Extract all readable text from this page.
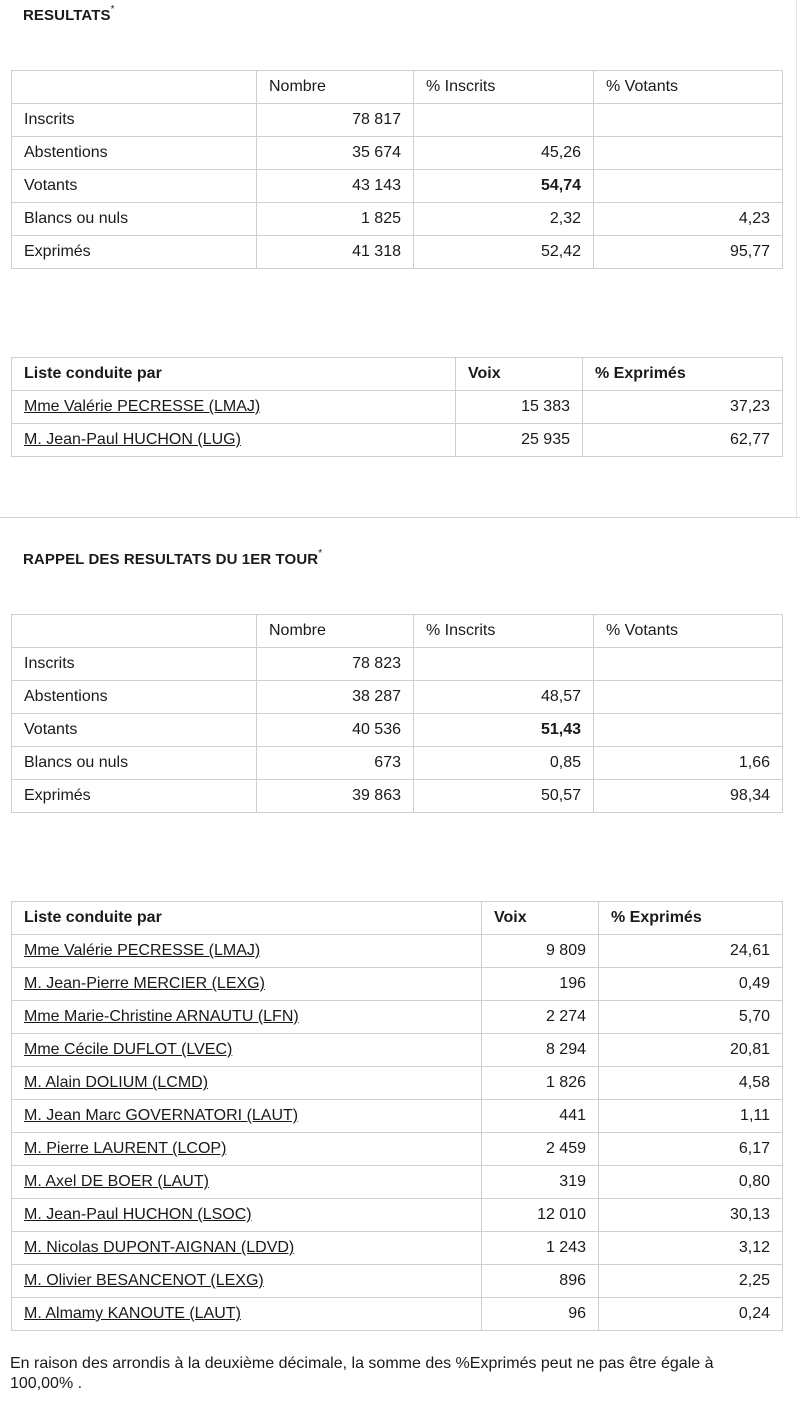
RESULTATS*
	Nombre	% Inscrits	% Votants
Inscrits	78 817		
Abstentions	35 674	45,26	
Votants	43 143	54,74	
Blancs ou nuls	1 825	2,32	4,23
Exprimés	41 318	52,42	95,77
Liste conduite par	Voix	% Exprimés
Mme Valérie PECRESSE (LMAJ)	15 383	37,23
M. Jean-Paul HUCHON (LUG)	25 935	62,77
RAPPEL DES RESULTATS DU 1ER TOUR*
	Nombre	% Inscrits	% Votants
Inscrits	78 823		
Abstentions	38 287	48,57	
Votants	40 536	51,43	
Blancs ou nuls	673	0,85	1,66
Exprimés	39 863	50,57	98,34
Liste conduite par	Voix	% Exprimés
Mme Valérie PECRESSE (LMAJ)	9 809	24,61
M. Jean-Pierre MERCIER (LEXG)	196	0,49
Mme Marie-Christine ARNAUTU (LFN)	2 274	5,70
Mme Cécile DUFLOT (LVEC)	8 294	20,81
M. Alain DOLIUM (LCMD)	1 826	4,58
M. Jean Marc GOVERNATORI (LAUT)	441	1,11
M. Pierre LAURENT (LCOP)	2 459	6,17
M. Axel DE BOER (LAUT)	319	0,80
M. Jean-Paul HUCHON (LSOC)	12 010	30,13
M. Nicolas DUPONT-AIGNAN (LDVD)	1 243	3,12
M. Olivier BESANCENOT (LEXG)	896	2,25
M. Almamy KANOUTE (LAUT)	96	0,24
En raison des arrondis à la deuxième décimale, la somme des %Exprimés peut ne pas être égale à 100,00% .
